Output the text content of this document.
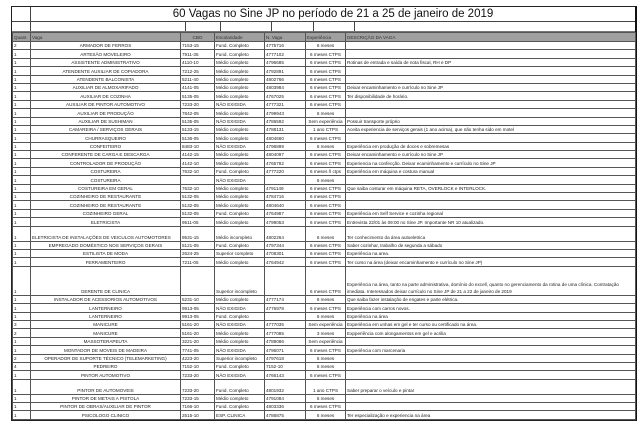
60 Vagas no Sine JP no período de 21 a 25 de janeiro de 2019
Quant	Vaga	CBO	Escolaridade	N. Vaga	Experiência	DESCRIÇÃO DA VAGA
2	ARMADOR DE FERROS	7153-15	Fund. Completo	4775716	6 meses	
1	ARTESÃO MOVELEIRO	7911-35	Fund. Completo	4777102	6 meses CTPS	
1	ASSISTENTE ADMINISTRATIVO	4110-10	Médio completo	4796685	6 meses CTPS	Rotinas de entrada e saída de nota fiscal, RH e DP
1	ATENDENTE AUXILIAR DE COPIADORA	7212-25	Médio completo	4792891	6 meses CTPS	
1	ATENDENTE BALCONISTA	5211-40	Médio completo	4802766	6 meses CTPS	
1	AUXILIAR DE ALMOXARIFADO	4141-05	Médio completo	4803984	6 meses CTPS	Deixar encaminhamento e currículo no Sine JP
1	AUXILIAR DE COZINHA	5135-05	Médio completo	4767025	6 meses CTPS	Ter disponibilidade de horário.
1	AUXILIAR DE PINTOR AUTOMOTIVO	7233-20	NÃO EXIGIDA	4777321	6 meses CTPS	
1	AUXILIAR DE PRODUÇÃO	7842-05	Médio completo	4799943	6 meses	
1	AUXILIAR DE SUSHIMAN	5135-05	NÃO EXIGIDA	4786592	Sem experiência	Possuir transporte próprio
1	CAMAREIRA / SERVIÇOS GERAIS	5133-15	Médio completo	4788131	1 ano CTPS	Aceita experiencia de serviços gerais (1 ano acima), que não tenha sido em motel
1	CHURRASQUEIRO	5136-05	Médio completo	4804660	6 meses CTPS	
1	CONFEITEIRO	8483-10	NÃO EXIGIDA	4796899	6 meses	Experiência em produção de doces e sobremesas
1	CONFERENTE DE CARGA E DESCARGA	4142-15	Médio completo	4804097	6 meses CTPS	Deixar encaminhamento e currículo no Sine JP
1	CONTROLADOR DE PRODUÇÃO	4142-10	Médio completo	4765782	6 meses CTPS	Experiencia na confecção. Deixar ecaminhamento e currículo no Sine JP
1	COSTUREIRA	7632-10	Fund. Completo	4777220	6 meses ñ ctps	Experiência em máquina e costura manual
1	COSTUREIRA		NÃO EXIGIDA		6 meses	
1	COSTUREIRA EM GERAL	7632-10	Médio completo	4791149	6 meses CTPS	Que saiba costurar em máquina RETA, OVERLOCK e INTERLOCK.
1	COZINHEIRO DE RESTAURANTE	5132-05	Médio completo	4784716	6 meses CTPS	
1	COZINHEIRO DE RESTAURANTE	5132-05	Médio completo	4804640	6 meses CTPS	
1	COZINHEIRO GERAL	5132-05	Fund. Completo	4764987	6 meses CTPS	Experiência em Self Service e cozinha regional
1	ELETRICISTA	9511-05	Médio completo	4799053	6 meses CTPS	Entrevista 22/01 às 09:00 no Sine JP. Importante NR 10 atualizado.
1	ELETRICISTA DE INSTALAÇÕES DE VEICULOS AUTOMOTORES	9531-15	Médio incompleto	4802264	6 meses	Ter conhecimento da área autoeletrica
1	EMPREGADO DOMÉSTICO NOS SERVIÇOS GERAIS	5121-05	Fund. Completo	4797344	6 meses CTPS	Saber cozinhar, trabalho de segunda a sábado
1	ESTILISTA DE MODA	2624-25	Superior completo	4708301	6 meses CTPS	Experiência na area.
1	FERRAMENTEIRO	7211-05	Médio completo	4764942	6 meses CTPS	Ter curso na área (deixar encaminhamento e currículo no Sine JP)
1	GERENTE DE CLINICA		Superior incompleto		6 meses CTPS	Experiência na área, tanto na parte administrativa, domínio do excell, quanto no gerenciamento da rotina de uma clínica. Contratação imediata. Interessados deixar currículo no Sine JP de 21 a 22 de janeiro de 2019
1	INSTALADOR DE ACESSORIOS AUTOMOTIVOS	5231-10	Médio completo	4777174	6 meses	Que saiba fazer instalação de engates e parte elétrica.
1	LANTERNEIRO	9913-05	NÃO EXIGIDA	4776978	6 meses CTPS	Experiência com carros novos.
1	LANTERNEIRO	9913-05	Fund. Completo		6 meses	Experiência na área
3	MANICURE	5161-20	NÃO EXIGIDA	4777035	Sem experiência	Experiência em unhas em gel e ter curso ou certificado na área.
2	MANICURE	5161-20	Médio completo	4777085	3 meses	Expperiência com alongamentos em gel e acrilia
1	MASSOTERAPEUTA	3221-20	Médio completo	4789086	Sem experiência	
1	MONTADOR DE MOVEIS DE MADEIRA	7741-05	NÃO EXIGIDA	4796071	6 meses CTPS	Experiência com marcenaria
2	OPERADOR DE SUPORTE TÉCNICO (TELEMARKETING)	4223-20	Superior incompleto	4797618	6 meses	
4	PEDREIRO	7152-10	Fund. Completo	7152-10	6 meses	
1	PINTOR AUTOMOTIVO	7233-20	NÃO EXIGIDA	4766143	6 meses CTPS	
1	PINTOR DE AUTOMOVEIS	7233-20	Fund. Completo	4801932	1 ano CTPS	Saber preparar o veículo e pintar
1	PINTOR DE METAIS A PISTOLA	7233-15	Médio completo	4791084	6 meses	
1	PINTOR DE OBRAS/AUXILIAR DE PINTOR	7166-10	Fund. Completo	4803336	6 meses CTPS	
1	PSICOLOGO CLINICO	2515-10	ESP. CLINICA	4786875	6 meses	Ter especialização e experiencia na área
